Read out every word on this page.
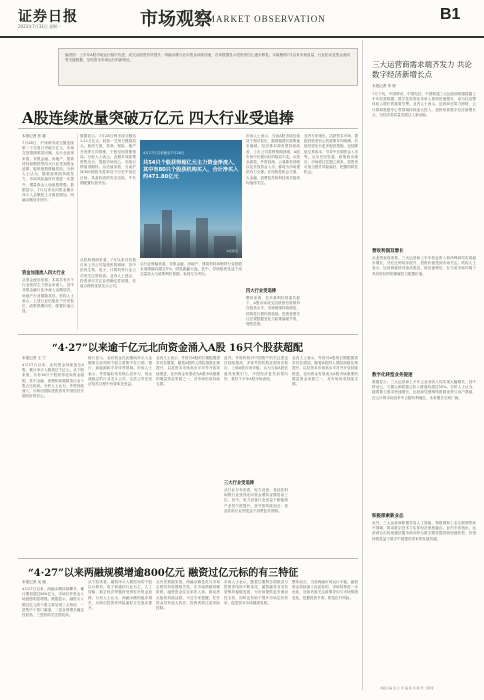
证券日报
2023年7月31日 星期一	市场观察
MARKET OBSERVATION	B1
编者按：上半年A股市场运行稳中有进，成交活跃度有所提升，两融余额与北向资金持续回流，各项数据显示投资者信心逐步修复。本版梳理7月以来市场放量、行业轮动及资金流向等关键数据，呈现资本市场运行的新特征。
A股连续放量突破万亿元 四大行业受追捧
本报记者 张 颖
7月28日，沪深两市成交额连续第二个交易日突破万亿元，市场交投情绪明显回暖。从行业表现来看，非银金融、房地产、建筑材料和钢铁等四大行业受到资金追捧，板块指数涨幅居前。分析人士认为，随着政策面持续发力，市场风险偏好有望进一步提升，增量资金入场意愿增强。数据显示，7月以来北向资金累计净买入金额较上月明显增加，两融余额同步回升。
资金加速流入四大行业
从资金流向来看，本周共有多个行业获得主力资金净流入，其中非银金融行业净流入金额居首，房地产行业紧随其后。机构人士表示，上述行业估值处于历史低位，政策预期向好，配置价值凸显。
数据显示，7月28日两市成交额达1.21万亿元，较前一交易日继续放大。板块方面，券商、保险、地产开发等方向领涨，个股呈现普涨格局。分析人士表示，近期多项政策密集出台，提振市场信心，后续行情值得期待。从估值来看，当前沪深300指数市盈率处于历史中低位区间，具备较高的安全边际，中长期配置价值突出。
从机构调研来看，7月以来共有数百家上市公司接受机构调研，其中医药生物、电子、计算机等行业公司受关注度较高。业内人士建议，投资者可关注业绩确定性较强、估值合理的优质龙头公司。
4月27日以来截至7月28日
共54只个股获得超亿元主力资金净流入，其中有80只个股获机构买入，合计净买入约471.80亿元
本报图表
从行业涨幅来看，非银金融、房地产、建筑材料和钢铁行业指数本周涨幅均超过5%，明显跑赢大盘。其中，券商板块受益于成交量放大与政策利好预期，表现尤为突出。
市场人士表示，当前A股市场估值处于相对低位，随着稳增长政策逐步落地，经济基本面有望持续改善，上市公司盈利预期回暖，A股市场中长期向好的格局不变。从资金面看，外资回流、公募新发回暖以及长线资金入市，都将为市场提供有力支撑。在结构性机会方面，大金融、消费复苏和科技成长板块均值得关注。
四大行业受追捧
整体来看，在多重利好因素共振下，A股市场成交活跃度有望维持在较高水平，市场情绪持续修复，结构性行情仍将延续。投资者需关注宏观数据变化与政策落地节奏，理性投资。
业内专家指出，活跃资本市场、提振投资者信心的政策导向明确，后续有望出台更多配套措施，包括降低交易成本、引导中长期资金入市等。从历史经验看，政策底出现后，市场底往往随之到来，投资者可适当提升风险偏好，把握结构性机会。
“4·27”以来逾千亿元北向资金涌入A股 16只个股获超配
本报记者 王 宁
4月27日以来，北向资金持续加仓A股，累计净买入额超过千亿元。从个股来看，共有16只个股获得北向资金超配，其中金融、消费和高端制造行业个股占比较高。分析人士认为，外资持续流入，反映出国际投资者对中国经济长期向好的信心。
统计显示，北向资金在此期间净买入金额排名前列的个股主要集中在白酒、银行、新能源和半导体等领域。市场人士表示，外资偏好具有核心竞争力、现金流稳定的行业龙头公司，这类公司在经济复苏过程中有望率先受益。
业内人士表示，外资对A股的长期配置需求仍在增加，随着A股纳入国际指数比例提升，以及资本市场高水平对外开放持续推进，北向资金有望成为A股市场重要的增量资金来源之一，对市场形成持续支撑。
此外，外资机构对中国资产的关注度也在持续提高，多家外资机构近期发布报告，上调A股市场评级，认为当前A股估值具有吸引力，中国经济复苏前景向好，看好下半年A股市场表现。
三大行业受追捧
从行业分布来看，电力设备、食品饮料和银行业获得北向资金增持金额居前三位。其中，电力设备行业受益于新能源产业景气度提升，获外资持续加仓；食品饮料行业则受益于消费复苏预期。
业内人士表示，外资对A股的长期配置需求仍在增加，随着A股纳入国际指数比例提升，以及资本市场高水平对外开放持续推进，北向资金有望成为A股市场重要的增量资金来源之一，对市场形成持续支撑。
“4·27”以来两融规模增逾800亿元 融资过亿元标的有三特征
本报记者 吴 晓
4月27日以来，两融余额持续攀升，累计增加超过800亿元，市场杠杆资金入场意愿明显增强。数据显示，融资买入额过亿元的个股主要呈现三大特征：一是集中于热门赛道，二是业绩增长确定性较高，三是机构关注度较高。
从个股来看，融资净买入额居前的个股以计算机、电子和通信行业为主，人工智能、数字经济等题材受到杠杆资金追捧。分析人士认为，两融余额的稳步增长，反映出投资者风险偏好正在逐步提升。
从历史数据来看，两融余额变化与市场走势具有较强相关性。在市场情绪回暖阶段，融资资金往往率先入场，推动热点板块持续活跃。不过专家提醒，杠杆资金具有放大效应，投资者需注意风险控制。
市场人士表示，随着注册制全面推进与投资者结构不断优化，融资融券业务有望保持稳健发展，为市场提供更多流动性支持，同时也有助于提升市场定价效率，促进资本市场健康发展。
整体而言，当前两融市场运行平稳，融资资金持续流入优质标的，市场结构进一步优化，后续仍需关注政策导向与市场情绪变化，把握投资节奏，防范杠杆风险。
三大运营商需求端齐发力 共论数字经济新增长点
本报记者 李 婷
7月下旬，中国移动、中国电信、中国联通三大运营商相继披露上半年经营数据，数字化转型业务收入保持快速增长，成为拉动整体收入增长的重要引擎。业内人士表示，运营商在算力网络、云计算和数据中心等领域持续加大投入，加快培育数字经济新增长点，为经济高质量发展注入新动能。
营收利润双增长
从业绩表现来看，三大运营商上半年营业收入和净利润均实现稳步增长，分红比例同步提升，投资价值受到市场关注。机构人士表示，运营商板块具备高股息、低估值特征，在当前市场环境下具有较好的防御属性与配置价值。
数字化转型业务提速
数据显示，三大运营商上半年云业务收入均实现大幅增长，其中移动云、天翼云和联通云收入增速均超过50%。分析人士认为，随着算力需求快速增长，运营商凭借网络资源优势与用户基础，在云计算市场竞争中占据有利地位，未来增长空间广阔。
积极探索新业态
此外，三大运营商积极布局人工智能、物联网和工业互联网等新兴领域，推动数字技术与实体经济深度融合。业内专家指出，运营商正由传统通信服务商向综合数字服务提供商加速转型，有望持续受益于数字中国建设带来的发展机遇。
本版主编 袁 元 责 编 孙 华 制 作 王敬涛
